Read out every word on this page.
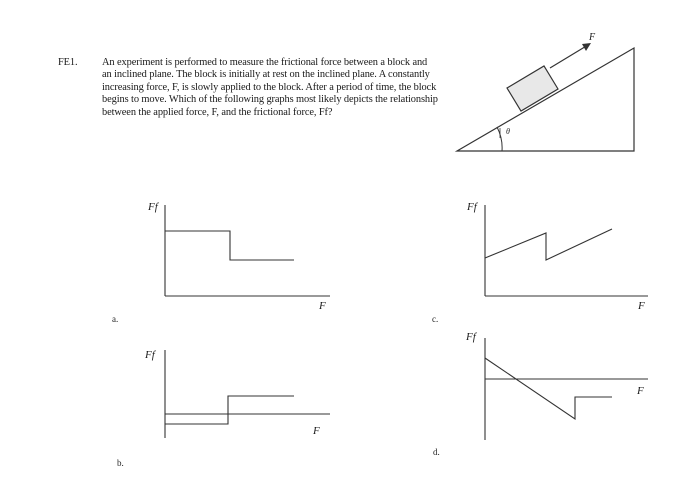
FE1. An experiment is performed to measure the frictional force between a block and an inclined plane. The block is initially at rest on the inclined plane. A constantly increasing force, F, is slowly applied to the block. After a period of time, the block begins to move. Which of the following graphs most likely depicts the relationship between the applied force, F, and the frictional force, Ff?

F
θ
Ff
F
a.
Ff
F
b.
Ff
F
c.
Ff
F
d.
